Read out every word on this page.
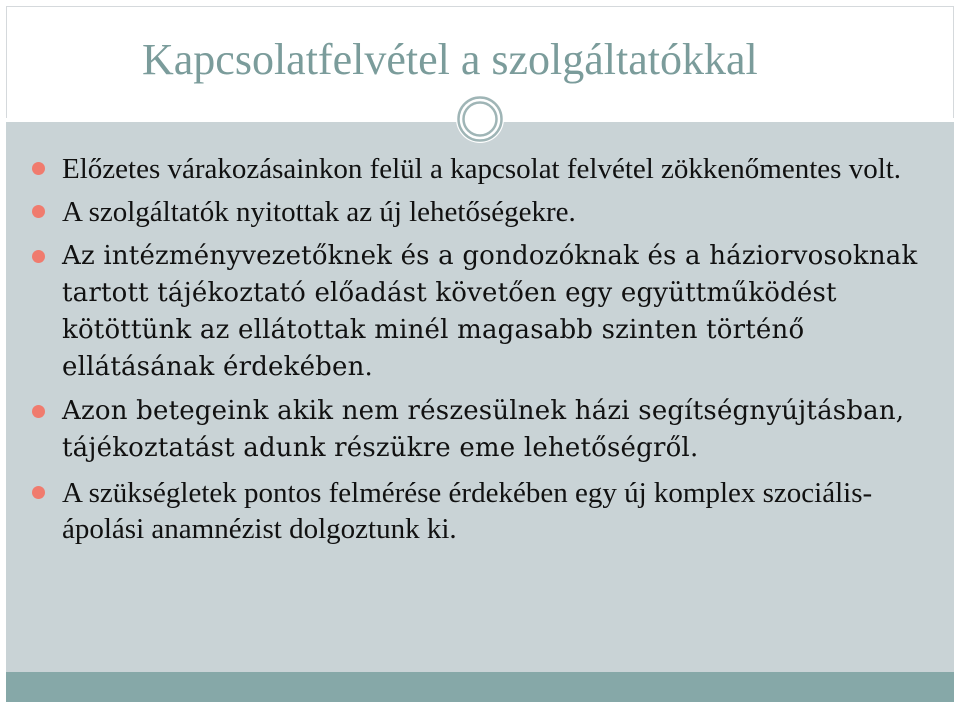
Kapcsolatfelvétel a szolgáltatókkal
Előzetes várakozásainkon felül a kapcsolat felvétel zökkenőmentes volt.
A szolgáltatók nyitottak az új lehetőségekre.
Az intézményvezetőknek és a gondozóknak és a háziorvosoknak tartott tájékoztató előadást követően egy együttműködést kötöttünk az ellátottak minél magasabb szinten történő ellátásának érdekében.
Azon betegeink akik nem részesülnek házi segítségnyújtásban, tájékoztatást adunk részükre eme lehetőségről.
A szükségletek pontos felmérése érdekében egy új komplex szociális-ápolási anamnézist dolgoztunk ki.
